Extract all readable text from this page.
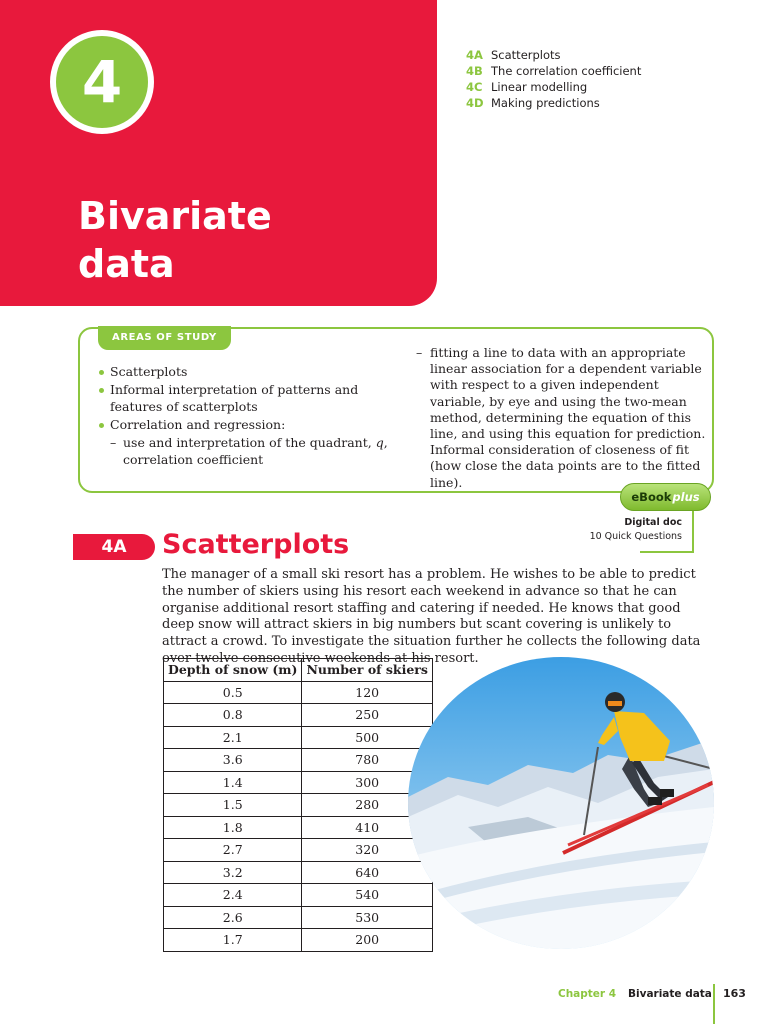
4
Bivariate
data
4A Scatterplots
4B The correlation coefficient
4C Linear modelling
4D Making predictions
AREAS OF STUDY
Scatterplots
Informal interpretation of patterns and features of scatterplots
Correlation and regression:
– use and interpretation of the quadrant, q, correlation coefficient
– fitting a line to data with an appropriate linear association for a dependent variable with respect to a given independent variable, by eye and using the two-mean method, determining the equation of this line, and using this equation for prediction. Informal consideration of closeness of fit (how close the data points are to the fitted line).
eBook plus
Digital doc
10 Quick Questions
4A	Scatterplots

The manager of a small ski resort has a problem. He wishes to be able to predict the number of skiers using his resort each weekend in advance so that he can organise additional resort staffing and catering if needed. He knows that good deep snow will attract skiers in big numbers but scant covering is unlikely to attract a crowd. To investigate the situation further he collects the following data over twelve consecutive weekends at his resort.

Depth of snow (m)	Number of skiers
0.5	120
0.8	250
2.1	500
3.6	780
1.4	300
1.5	280
1.8	410
2.7	320
3.2	640
2.4	540
2.6	530
1.7	200
Chapter 4 Bivariate data 163
